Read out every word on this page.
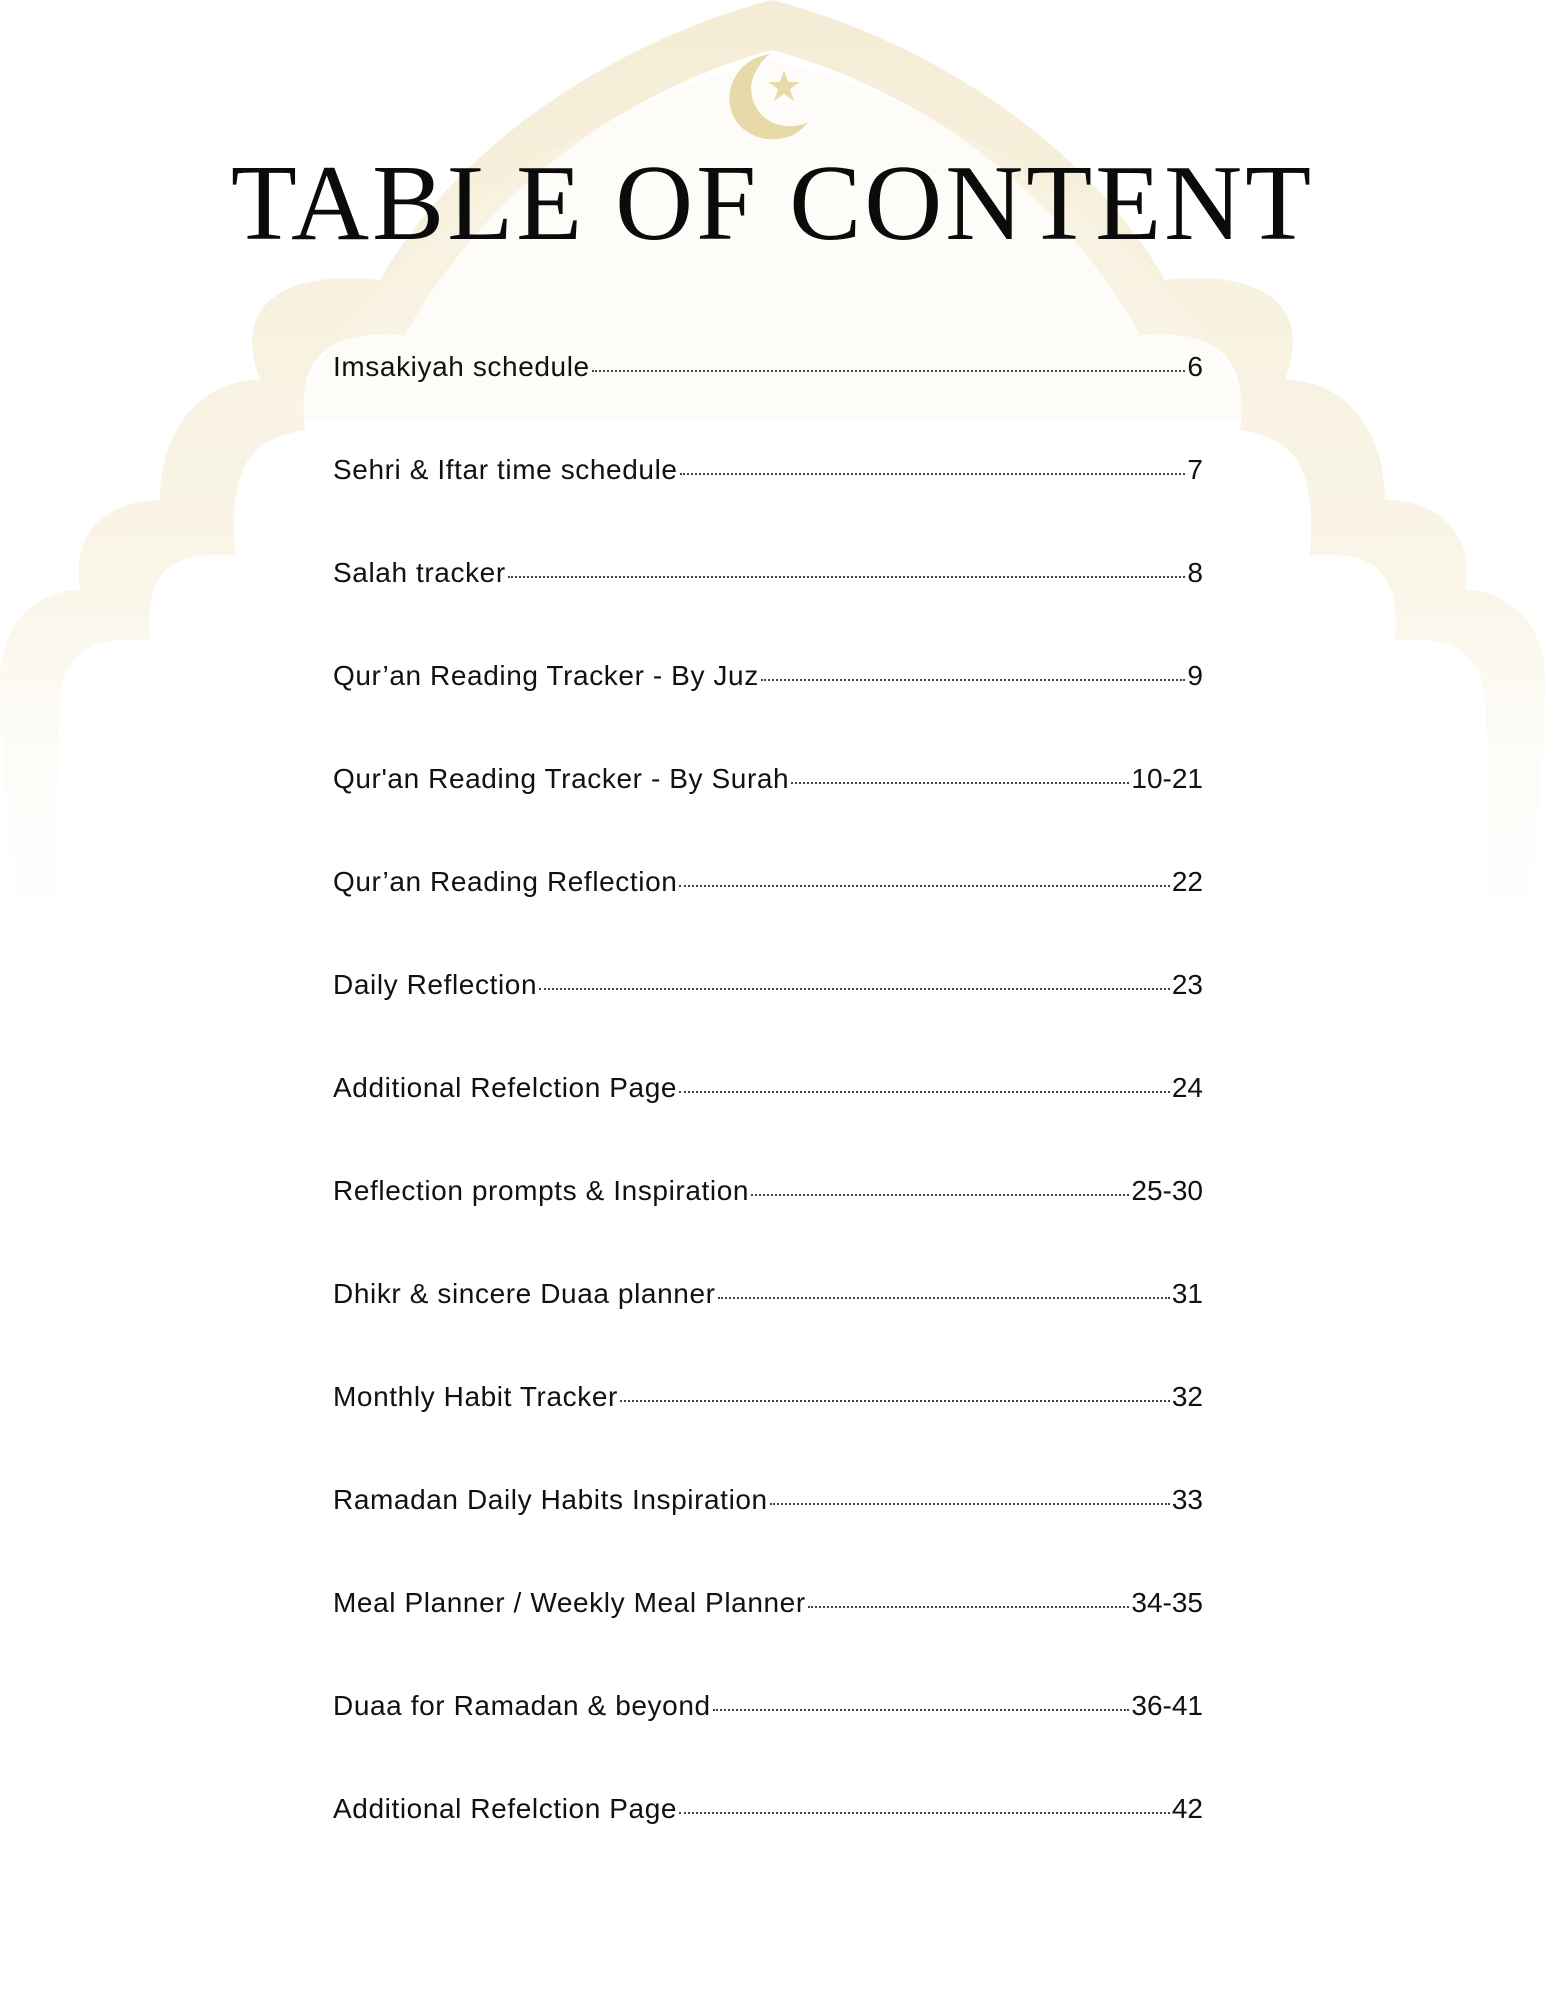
TABLE OF CONTENT
Imsakiyah schedule	6
Sehri & Iftar time schedule	7
Salah tracker	8
Qur’an Reading Tracker - By Juz	9
Qur'an Reading Tracker - By Surah	10-21
Qur’an Reading Reflection	22
Daily Reflection	23
Additional Refelction Page	24
Reflection prompts & Inspiration	25-30
Dhikr & sincere Duaa planner	31
Monthly Habit Tracker	32
Ramadan Daily Habits Inspiration	33
Meal Planner / Weekly Meal Planner	34-35
Duaa for Ramadan & beyond	36-41
Additional Refelction Page	42
